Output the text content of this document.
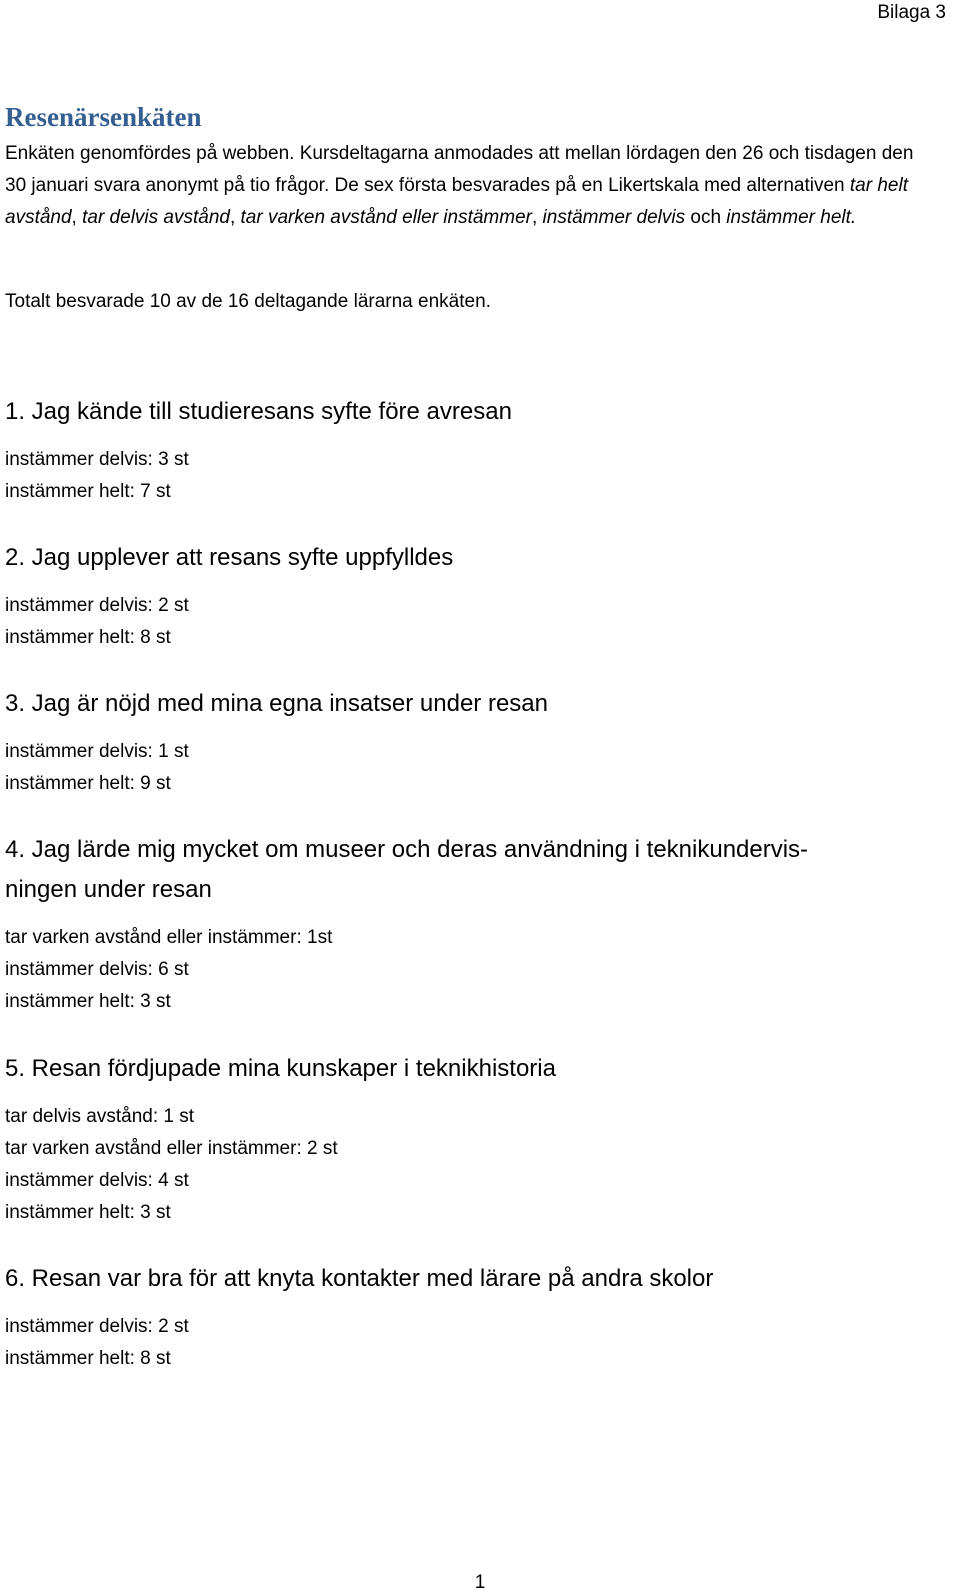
Bilaga 3
Resenärsenkäten

Enkäten genomfördes på webben. Kursdeltagarna anmodades att mellan lördagen den 26 och tisdagen den 30 januari svara anonymt på tio frågor. De sex första besvarades på en Likertskala med alternativen tar helt avstånd, tar delvis avstånd, tar varken avstånd eller instämmer, instämmer delvis och instämmer helt.

Totalt besvarade 10 av de 16 deltagande lärarna enkäten.

1. Jag kände till studieresans syfte före avresan
instämmer delvis: 3 st
instämmer helt: 7 st
2. Jag upplever att resans syfte uppfylldes
instämmer delvis: 2 st
instämmer helt: 8 st
3. Jag är nöjd med mina egna insatser under resan
instämmer delvis: 1 st
instämmer helt: 9 st
4. Jag lärde mig mycket om museer och deras användning i teknikundervis-
ningen under resan
tar varken avstånd eller instämmer: 1st
instämmer delvis: 6 st
instämmer helt: 3 st
5. Resan fördjupade mina kunskaper i teknikhistoria
tar delvis avstånd: 1 st
tar varken avstånd eller instämmer: 2 st
instämmer delvis: 4 st
instämmer helt: 3 st
6. Resan var bra för att knyta kontakter med lärare på andra skolor
instämmer delvis: 2 st
instämmer helt: 8 st
1
